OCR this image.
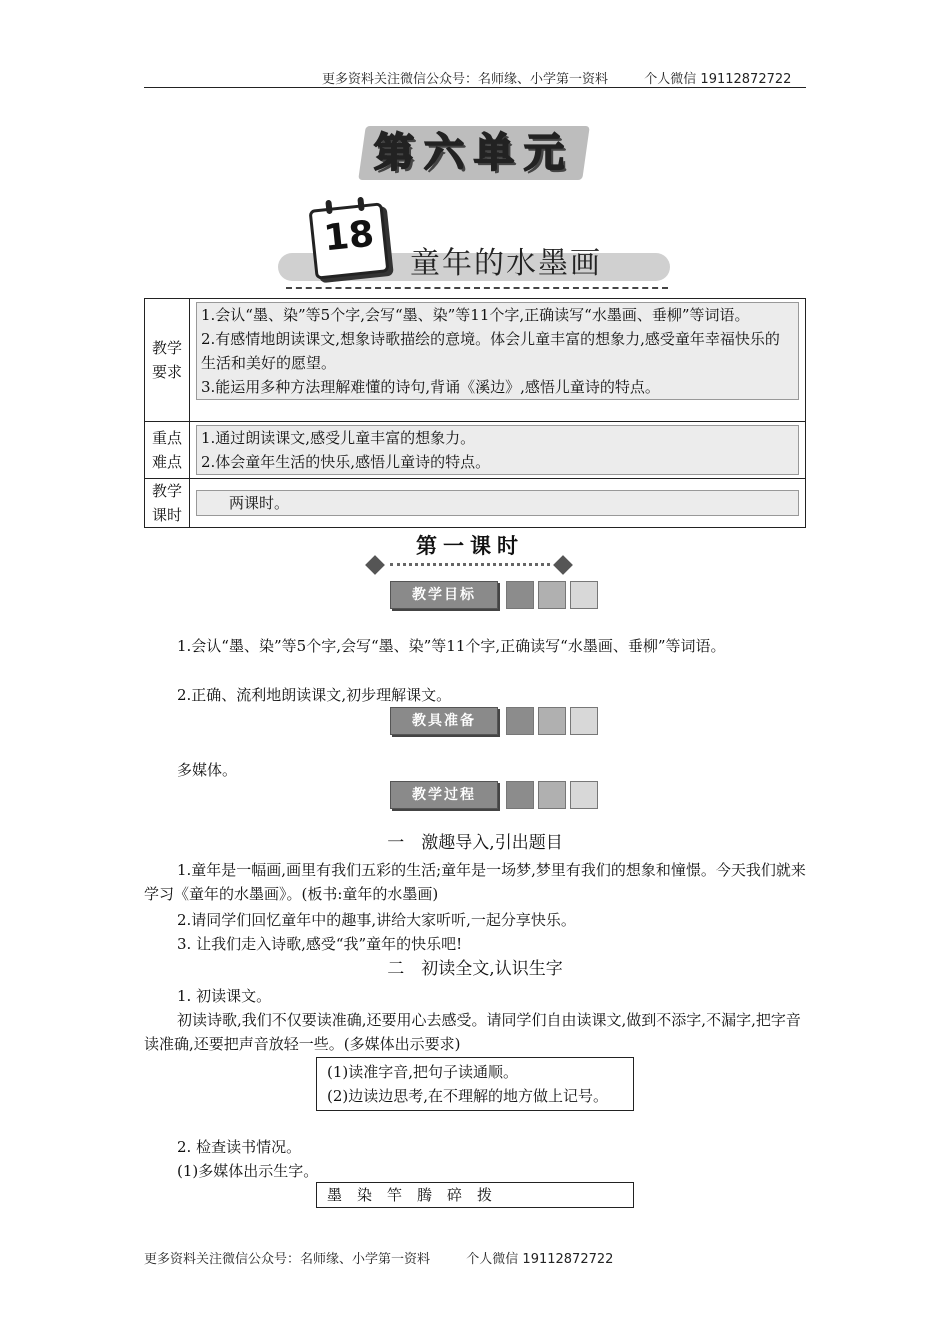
更多资料关注微信公众号：名师缘、小学第一资料	个人微信 19112872722
第六单元
18
童年的水墨画
教学要求	1.会认“墨、染”等5个字,会写“墨、染”等11个字,正确读写“水墨画、垂柳”等词语。
2.有感情地朗读课文,想象诗歌描绘的意境。体会儿童丰富的想象力,感受童年幸福快乐的生活和美好的愿望。
3.能运用多种方法理解难懂的诗句,背诵《溪边》,感悟儿童诗的特点。

重点难点	1.通过朗读课文,感受儿童丰富的想象力。
2.体会童年生活的快乐,感悟儿童诗的特点。

教学课时	两课时。
第一课时
教学目标
1.会认“墨、染”等5个字,会写“墨、染”等11个字,正确读写“水墨画、垂柳”等词语。
2.正确、流利地朗读课文,初步理解课文。
教具准备
多媒体。
教学过程
一　激趣导入,引出题目
1.童年是一幅画,画里有我们五彩的生活;童年是一场梦,梦里有我们的想象和憧憬。今天我们就来学习《童年的水墨画》。(板书:童年的水墨画)
2.请同学们回忆童年中的趣事,讲给大家听听,一起分享快乐。
3. 让我们走入诗歌,感受“我”童年的快乐吧!
二　初读全文,认识生字
1. 初读课文。
初读诗歌,我们不仅要读准确,还要用心去感受。请同学们自由读课文,做到不添字,不漏字,把字音读准确,还要把声音放轻一些。(多媒体出示要求)
(1)读准字音,把句子读通顺。
(2)边读边思考,在不理解的地方做上记号。
2. 检查读书情况。
(1)多媒体出示生字。
墨　染　竿　腾　碎　拨
更多资料关注微信公众号：名师缘、小学第一资料	个人微信 19112872722
